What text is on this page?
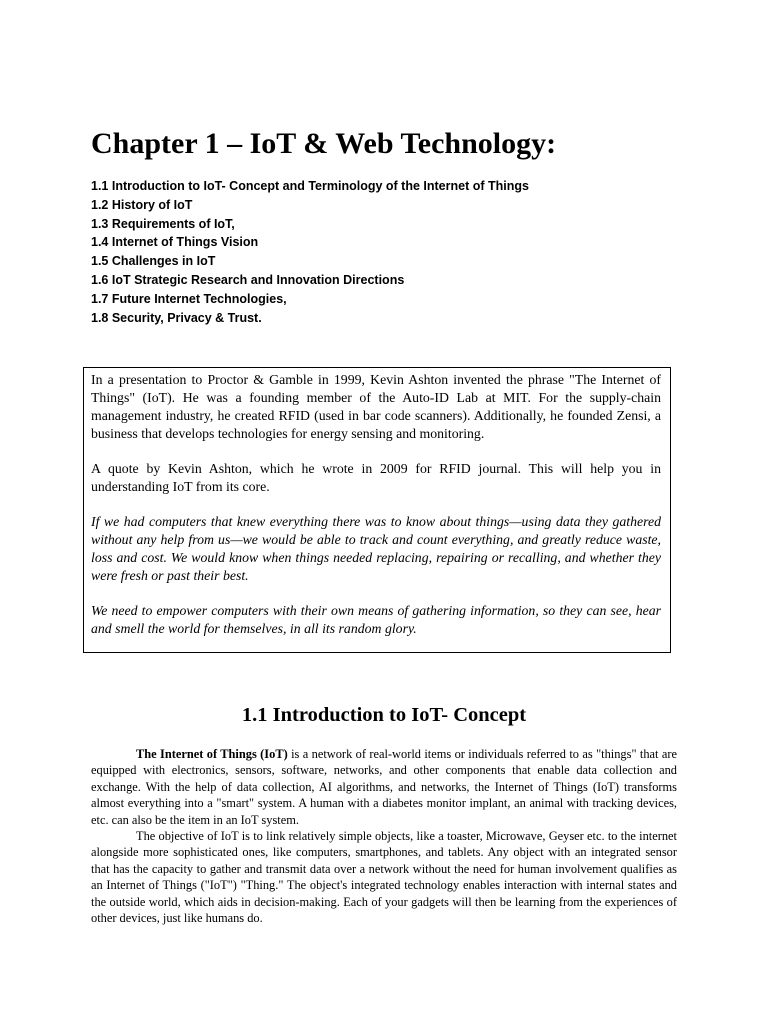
Chapter 1 – IoT & Web Technology:
1.1 Introduction to IoT- Concept and Terminology of the Internet of Things
1.2 History of IoT
1.3 Requirements of IoT,
1.4 Internet of Things Vision
1.5 Challenges in IoT
1.6 IoT Strategic Research and Innovation Directions
1.7 Future Internet Technologies,
1.8 Security, Privacy & Trust.

In a presentation to Proctor & Gamble in 1999, Kevin Ashton invented the phrase "The Internet of Things" (IoT). He was a founding member of the Auto-ID Lab at MIT. For the supply-chain management industry, he created RFID (used in bar code scanners). Additionally, he founded Zensi, a business that develops technologies for energy sensing and monitoring.

A quote by Kevin Ashton, which he wrote in 2009 for RFID journal. This will help you in understanding IoT from its core.

If we had computers that knew everything there was to know about things—using data they gathered without any help from us—we would be able to track and count everything, and greatly reduce waste, loss and cost. We would know when things needed replacing, repairing or recalling, and whether they were fresh or past their best.

We need to empower computers with their own means of gathering information, so they can see, hear and smell the world for themselves, in all its random glory.

1.1 Introduction to IoT- Concept

The Internet of Things (IoT) is a network of real-world items or individuals referred to as "things" that are equipped with electronics, sensors, software, networks, and other components that enable data collection and exchange. With the help of data collection, AI algorithms, and networks, the Internet of Things (IoT) transforms almost everything into a "smart" system. A human with a diabetes monitor implant, an animal with tracking devices, etc. can also be the item in an IoT system.

The objective of IoT is to link relatively simple objects, like a toaster, Microwave, Geyser etc. to the internet alongside more sophisticated ones, like computers, smartphones, and tablets. Any object with an integrated sensor that has the capacity to gather and transmit data over a network without the need for human involvement qualifies as an Internet of Things ("IoT") "Thing." The object's integrated technology enables interaction with internal states and the outside world, which aids in decision-making. Each of your gadgets will then be learning from the experiences of other devices, just like humans do.
